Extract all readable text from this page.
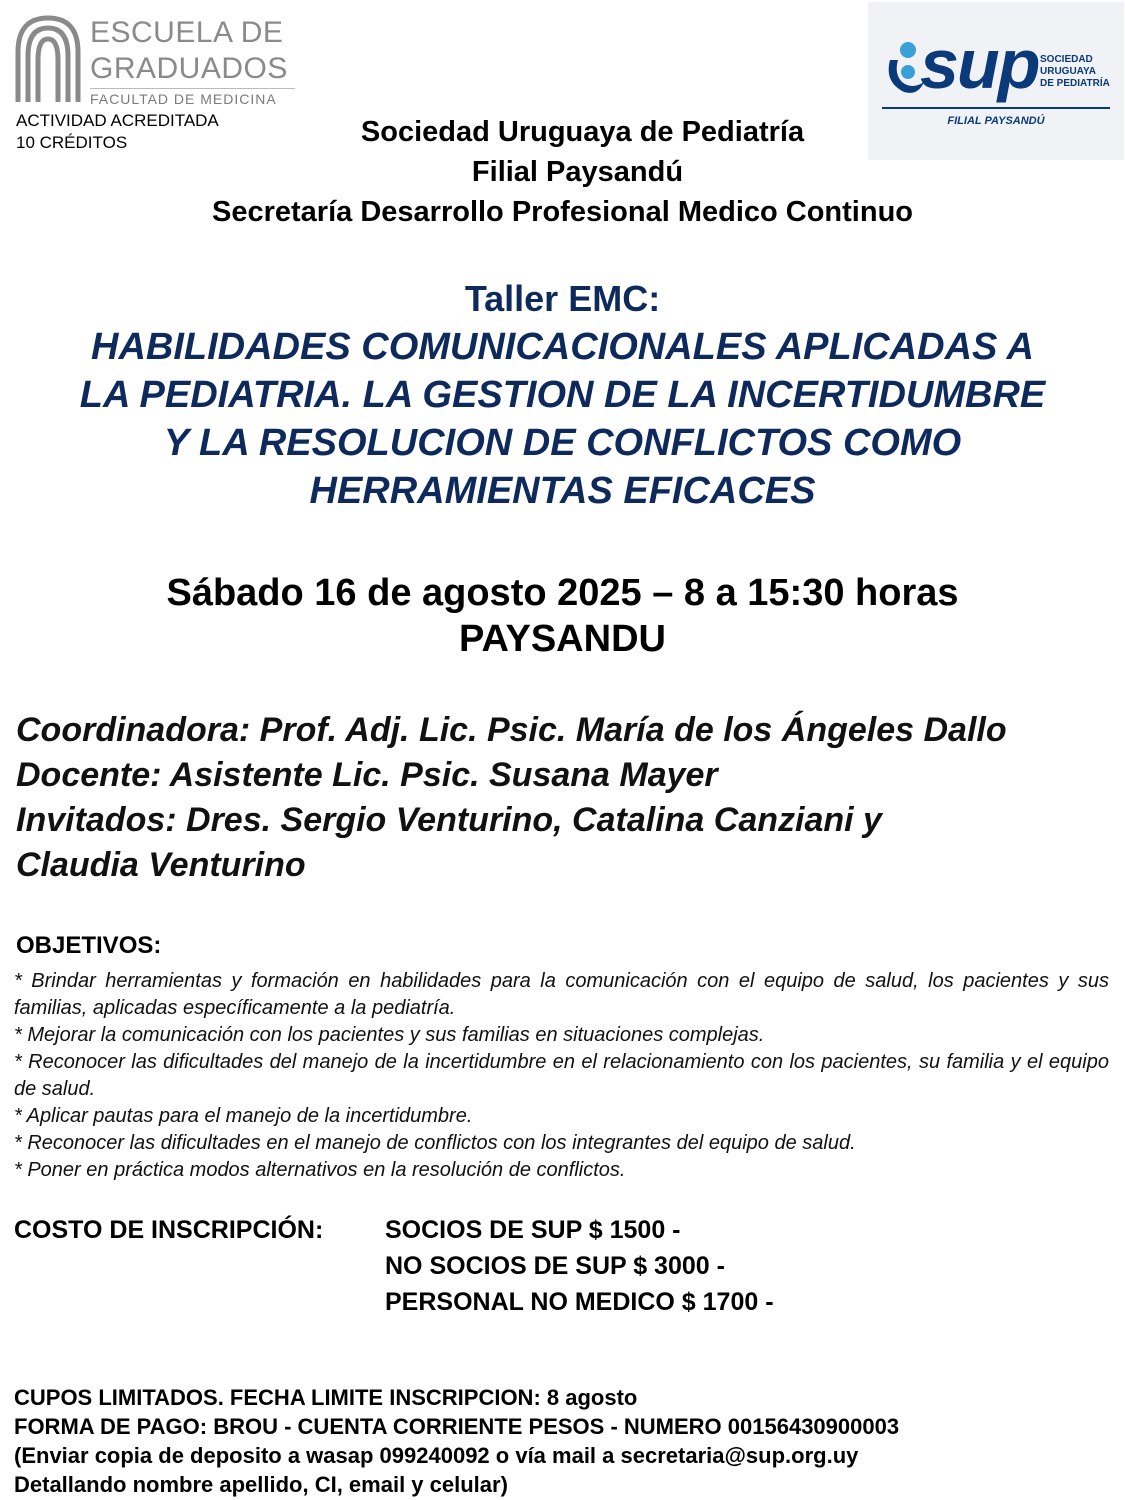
ESCUELA DE
GRADUADOS
FACULTAD DE MEDICINA
ACTIVIDAD ACREDITADA
10 CRÉDITOS
sup SOCIEDAD
URUGUAYA
DE PEDIATRÍA
FILIAL PAYSANDÚ
Sociedad Uruguaya de Pediatría
Filial Paysandú
Secretaría Desarrollo Profesional Medico Continuo
Taller EMC:
HABILIDADES COMUNICACIONALES APLICADAS A
LA PEDIATRIA. LA GESTION DE LA INCERTIDUMBRE
Y LA RESOLUCION DE CONFLICTOS COMO
HERRAMIENTAS EFICACES
Sábado 16 de agosto 2025 – 8 a 15:30 horas
PAYSANDU
Coordinadora: Prof. Adj. Lic. Psic. María de los Ángeles Dallo
Docente: Asistente Lic. Psic. Susana Mayer
Invitados: Dres. Sergio Venturino, Catalina Canziani y
Claudia Venturino
OBJETIVOS:

* Brindar herramientas y formación en habilidades para la comunicación con el equipo de salud, los pacientes y sus familias, aplicadas específicamente a la pediatría.

* Mejorar la comunicación con los pacientes y sus familias en situaciones complejas.

* Reconocer las dificultades del manejo de la incertidumbre en el relacionamiento con los pacientes, su familia y el equipo de salud.

* Aplicar pautas para el manejo de la incertidumbre.

* Reconocer las dificultades en el manejo de conflictos con los integrantes del equipo de salud.

* Poner en práctica modos alternativos en la resolución de conflictos.

COSTO DE INSCRIPCIÓN: SOCIOS DE SUP $ 1500 -
NO SOCIOS DE SUP $ 3000 -
PERSONAL NO MEDICO $ 1700 -
CUPOS LIMITADOS. FECHA LIMITE INSCRIPCION: 8 agosto
FORMA DE PAGO: BROU - CUENTA CORRIENTE PESOS - NUMERO 00156430900003
(Enviar copia de deposito a wasap 099240092 o vía mail a secretaria@sup.org.uy
Detallando nombre apellido, CI, email y celular)
